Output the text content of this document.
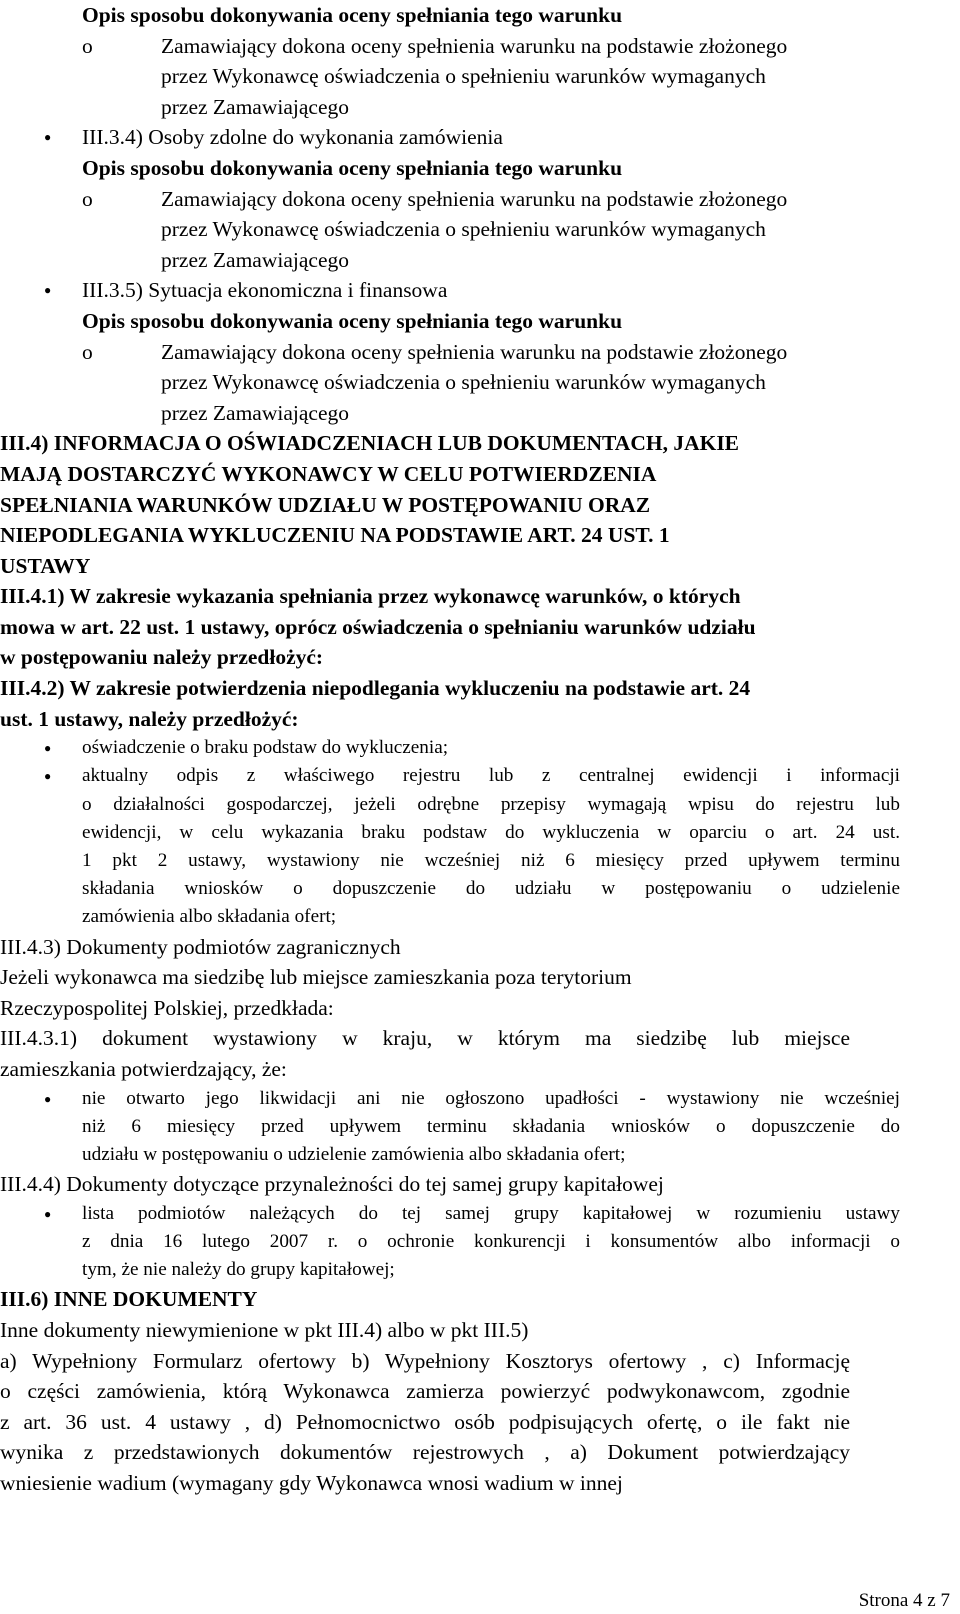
Opis sposobu dokonywania oceny spełniania tego warunku
o	Zamawiający dokona oceny spełnienia warunku na podstawie złożonego
przez Wykonawcę oświadczenia o spełnieniu warunków wymaganych
przez Zamawiającego
● III.3.4) Osoby zdolne do wykonania zamówienia
Opis sposobu dokonywania oceny spełniania tego warunku
o	Zamawiający dokona oceny spełnienia warunku na podstawie złożonego
przez Wykonawcę oświadczenia o spełnieniu warunków wymaganych
przez Zamawiającego
● III.3.5) Sytuacja ekonomiczna i finansowa
Opis sposobu dokonywania oceny spełniania tego warunku
o	Zamawiający dokona oceny spełnienia warunku na podstawie złożonego
przez Wykonawcę oświadczenia o spełnieniu warunków wymaganych
przez Zamawiającego
III.4) INFORMACJA O OŚWIADCZENIACH LUB DOKUMENTACH, JAKIE
MAJĄ DOSTARCZYĆ WYKONAWCY W CELU POTWIERDZENIA
SPEŁNIANIA WARUNKÓW UDZIAŁU W POSTĘPOWANIU ORAZ
NIEPODLEGANIA WYKLUCZENIU NA PODSTAWIE ART. 24 UST. 1
USTAWY
III.4.1) W zakresie wykazania spełniania przez wykonawcę warunków, o których
mowa w art. 22 ust. 1 ustawy, oprócz oświadczenia o spełnianiu warunków udziału
w postępowaniu należy przedłożyć:
III.4.2) W zakresie potwierdzenia niepodlegania wykluczeniu na podstawie art. 24
ust. 1 ustawy, należy przedłożyć:
● oświadczenie o braku podstaw do wykluczenia;
● aktualny odpis z właściwego rejestru lub z centralnej ewidencji i informacji
o działalności gospodarczej, jeżeli odrębne przepisy wymagają wpisu do rejestru lub
ewidencji, w celu wykazania braku podstaw do wykluczenia w oparciu o art. 24 ust.
1 pkt 2 ustawy, wystawiony nie wcześniej niż 6 miesięcy przed upływem terminu
składania wniosków o dopuszczenie do udziału w postępowaniu o udzielenie
zamówienia albo składania ofert;
III.4.3) Dokumenty podmiotów zagranicznych
Jeżeli wykonawca ma siedzibę lub miejsce zamieszkania poza terytorium
Rzeczypospolitej Polskiej, przedkłada:
III.4.3.1) dokument wystawiony w kraju, w którym ma siedzibę lub miejsce
zamieszkania potwierdzający, że:
● nie otwarto jego likwidacji ani nie ogłoszono upadłości - wystawiony nie wcześniej
niż 6 miesięcy przed upływem terminu składania wniosków o dopuszczenie do
udziału w postępowaniu o udzielenie zamówienia albo składania ofert;
III.4.4) Dokumenty dotyczące przynależności do tej samej grupy kapitałowej
● lista podmiotów należących do tej samej grupy kapitałowej w rozumieniu ustawy
z dnia 16 lutego 2007 r. o ochronie konkurencji i konsumentów albo informacji o
tym, że nie należy do grupy kapitałowej;
III.6) INNE DOKUMENTY
Inne dokumenty niewymienione w pkt III.4) albo w pkt III.5)
a) Wypełniony Formularz ofertowy b) Wypełniony Kosztorys ofertowy , c) Informację
o części zamówienia, którą Wykonawca zamierza powierzyć podwykonawcom, zgodnie
z art. 36 ust. 4 ustawy , d) Pełnomocnictwo osób podpisujących ofertę, o ile fakt nie
wynika z przedstawionych dokumentów rejestrowych , a) Dokument potwierdzający
wniesienie wadium (wymagany gdy Wykonawca wnosi wadium w innej
Strona 4 z 7
